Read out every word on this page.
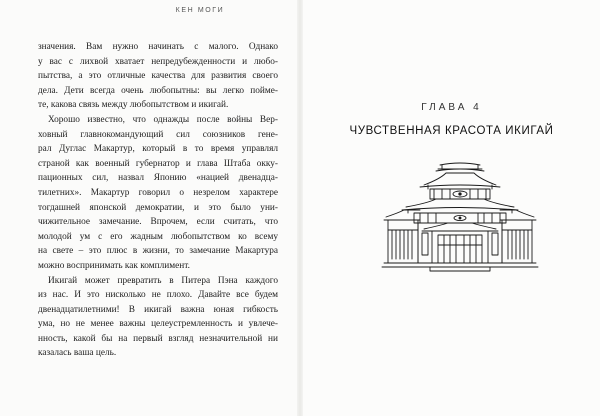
КЕН МОГИ
значения. Вам нужно начинать с малого. Однако
у вас с лихвой хватает непредубежденности и любо-
пытства, а это отличные качества для развития своего
дела. Дети всегда очень любопытны: вы легко пойме-
те, какова связь между любопытством и икигай.
Хорошо известно, что однажды после войны Вер-
ховный главнокомандующий сил союзников гене-
рал Дуглас Макартур, который в то время управлял
страной как военный губернатор и глава Штаба окку-
пационных сил, назвал Японию «нацией двенадца-
тилетних». Макартур говорил о незрелом характере
тогдашней японской демократии, и это было уни-
чижительное замечание. Впрочем, если считать, что
молодой ум с его жадным любопытством ко всему
на свете – это плюс в жизни, то замечание Макартура
можно воспринимать как комплимент.
Икигай может превратить в Питера Пэна каждого
из нас. И это нисколько не плохо. Давайте все будем
двенадцатилетними! В икигай важна юная гибкость
ума, но не менее важны целеустремленность и увлече-
нность, какой бы на первый взгляд незначительной ни
казалась ваша цель.
ГЛАВА 4
ЧУВСТВЕННАЯ КРАСОТА ИКИГАЙ
